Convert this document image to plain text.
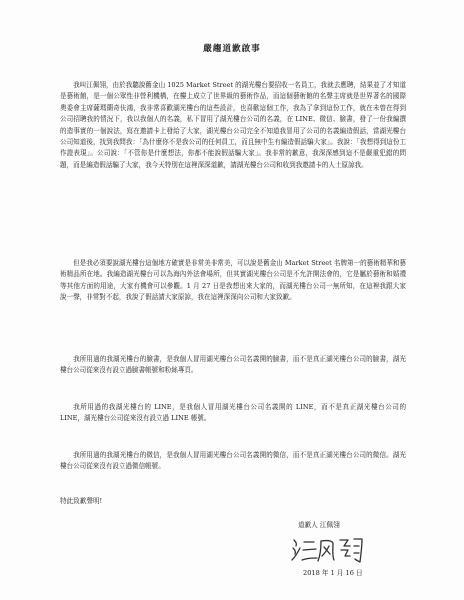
嚴趨道歉啟事

我叫江佩翎，由於我聽說舊金山 1025 Market Street 的湖光樓台要招收一名員工，我就去應聘，結果並了才知道是藝術館，是一個公眾性非營利機構，在樓上成立了世界級的藝術作品，而這個藝術館的名聲主席就是世界著名的國際奧委會主席薩瑪蘭奇伕鴻，我非常喜歡湖光樓台的這些設計，也喜歡這個工作，我為了拿到這份工作，就在未曾在得到公司招聘我的情況下，我以我個人的名義，私下冒用了湖光樓台公司的名義，在 LINE、微信、臉書，發了一份我編撰的造事實的一個說法，寫在邀請卡上發給了大家，湖光樓台公司完全不知道我冒用了公司的名義編造假話，當湖光樓台公司知道後，找到我問我：「為什麼你不是我公司的任何員工，而且無中生有編造假話騙大家」。我說：「我想得到這份工作證表現」。公司說：「不管你是什麼想法，你都不能說假話騙大家」。我非常的歉意，我深深感到這不是嚴重犯錯的問題，而是編造假話騙了大家，我今天特別在這裡深深道歉，請湖光樓台公司和收到我邀請卡的人士原諒我。

但是我必須要說湖光樓台這個地方確實是非常美非常美，可以說是舊金山 Market Street 名牌第一的藝術精華和藝術精品所在地。我編造湖光樓台可以為海內外法會場所，但其實湖光樓台公司是不允許開法會的，它是屬於藝術和婚禮等其他方面的用途，大家有機會可以參觀。1 月 27 日是我想出來大家的，而湖光樓台公司一無所知，在這裡我跟大家說一聲，非常對不起，我說了假話請大家原諒，我在這裡深深向公司和大家致歉。

我所用過的我湖光樓台的臉書，是我個人冒用湖光樓台公司名義開的臉書，而不是真正湖光樓台公司的臉書，湖光樓台公司從來沒有設立過臉書帳號和粉絲專頁。

我所用過的我湖光樓台的 LINE，是我個人冒用湖光樓台公司名義開的 LINE，而不是真正湖光樓台公司的 LINE，湖光樓台公司從來沒有設立過 LINE 帳號。

我所用過的我湖光樓台的微信，是我個人冒用湖光樓台公司名義開的微信，而不是真正湖光樓台公司的微信。湖光樓台公司從來沒有設立過微信帳號。

特此致歉聲明!
道歉人 江佩翎
2018 年 1 月 16 日
